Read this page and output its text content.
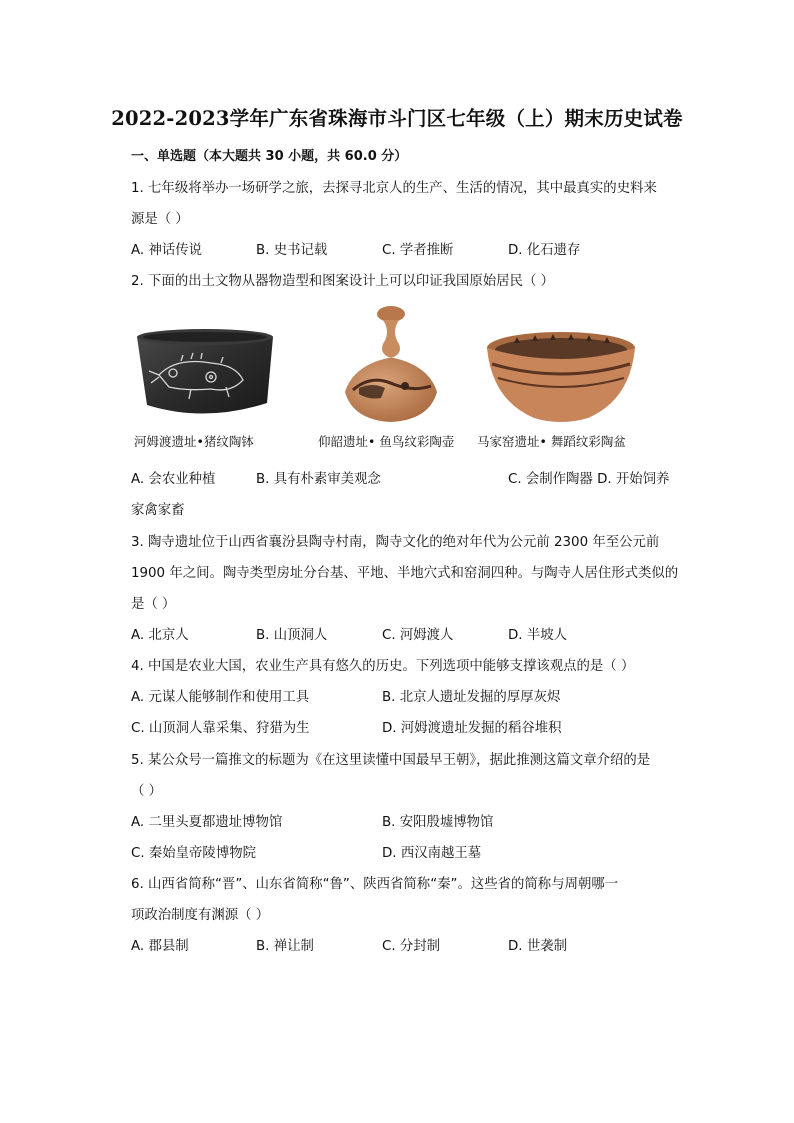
2022-2023学年广东省珠海市斗门区七年级（上）期末历史试卷
一、单选题（本大题共 30 小题，共 60.0 分）
1. 七年级将举办一场研学之旅，去探寻北京人的生产、生活的情况，其中最真实的史料来
源是（ ）
A. 神话传说	B. 史书记载	C. 学者推断	D. 化石遗存
2. 下面的出土文物从器物造型和图案设计上可以印证我国原始居民（ ）
河姆渡遗址•猪纹陶钵	仰韶遗址• 鱼鸟纹彩陶壶 马家窑遗址• 舞蹈纹彩陶盆
A. 会农业种植	B. 具有朴素审美观念	C. 会制作陶器 D. 开始饲养
家禽家畜
3. 陶寺遗址位于山西省襄汾县陶寺村南，陶寺文化的绝对年代为公元前 2300 年至公元前
1900 年之间。陶寺类型房址分台基、平地、半地穴式和窑洞四种。与陶寺人居住形式类似的
是（ ）
A. 北京人	B. 山顶洞人	C. 河姆渡人	D. 半坡人
4. 中国是农业大国，农业生产具有悠久的历史。下列选项中能够支撑该观点的是（ ）
A. 元谋人能够制作和使用工具	B. 北京人遗址发掘的厚厚灰烬
C. 山顶洞人靠采集、狩猎为生	D. 河姆渡遗址发掘的稻谷堆积
5. 某公众号一篇推文的标题为《在这里读懂中国最早王朝》，据此推测这篇文章介绍的是
（ ）
A. 二里头夏都遗址博物馆	B. 安阳殷墟博物馆
C. 秦始皇帝陵博物院	D. 西汉南越王墓
6. 山西省简称“晋”、山东省简称“鲁”、陕西省简称“秦”。这些省的简称与周朝哪一
项政治制度有渊源（ ）
A. 郡县制	B. 禅让制	C. 分封制	D. 世袭制
